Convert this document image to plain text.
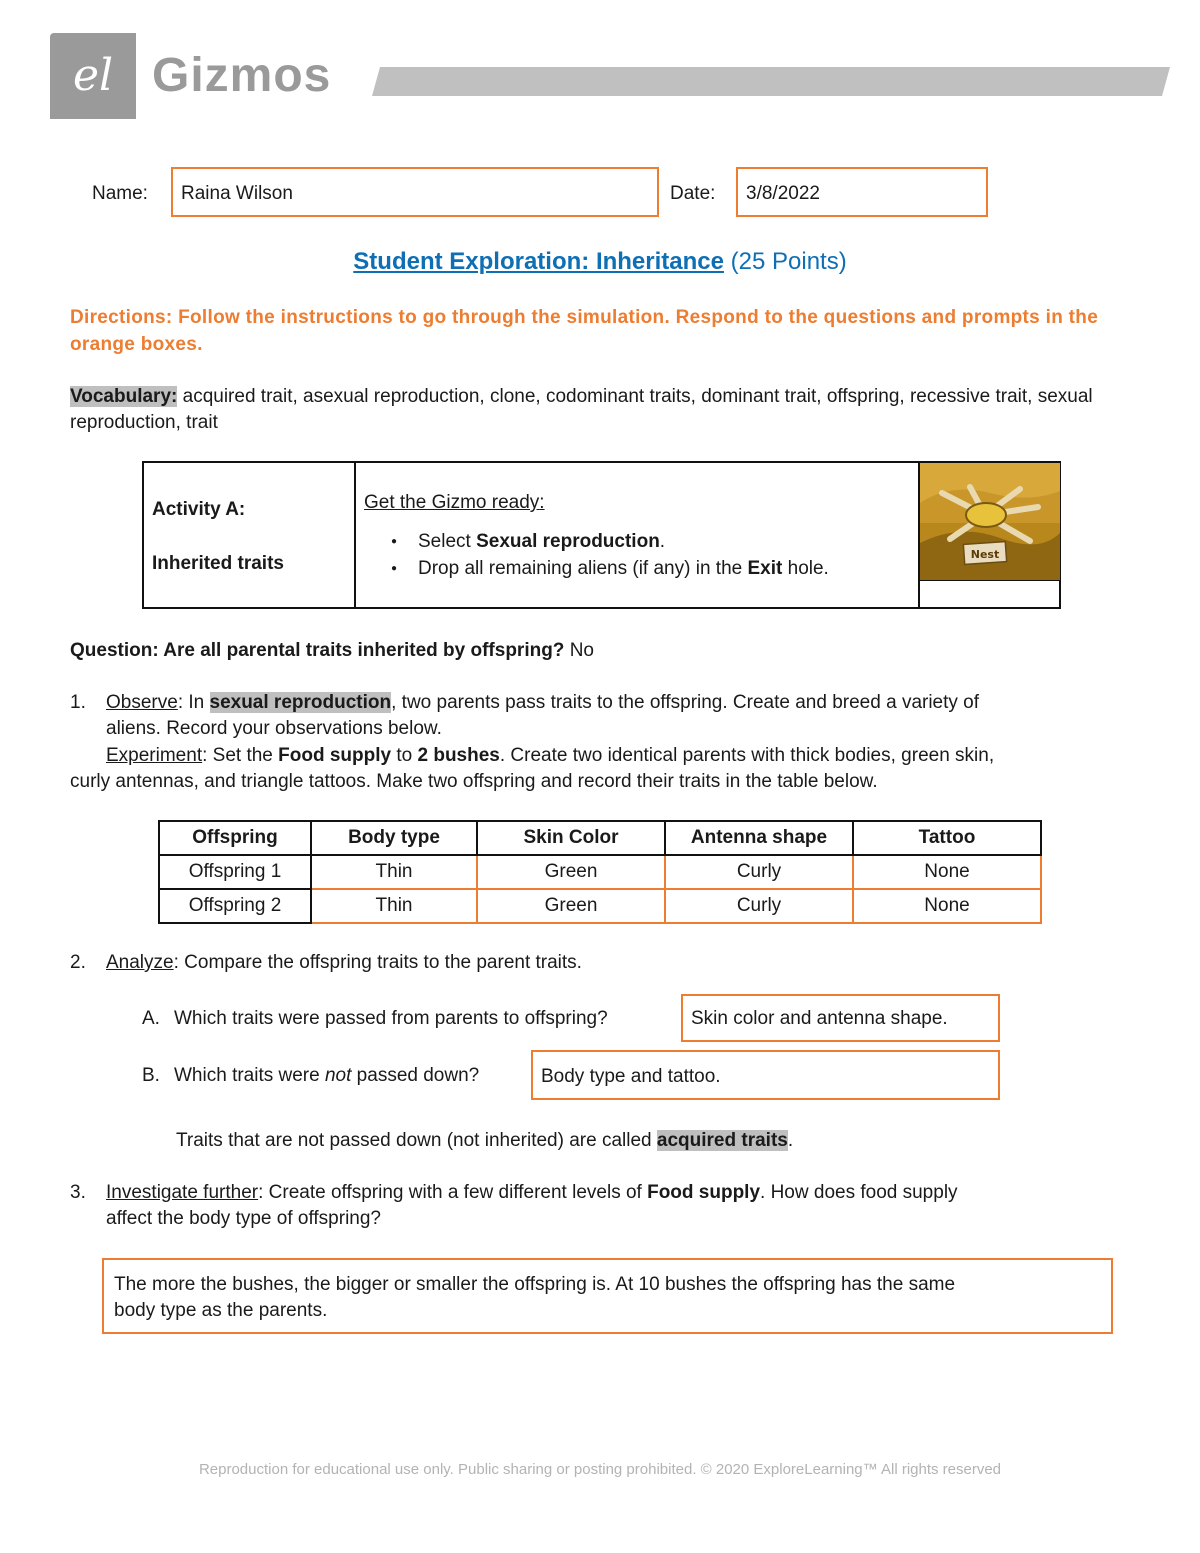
el Gizmos
Name:	Raina Wilson	Date:	3/8/2022
Student Exploration: Inheritance (25 Points)
Directions: Follow the instructions to go through the simulation. Respond to the questions and prompts in the orange boxes.
Vocabulary: acquired trait, asexual reproduction, clone, codominant traits, dominant trait, offspring, recessive trait, sexual reproduction, trait
Activity A:
Inherited traits
Get the Gizmo ready:
● Select Sexual reproduction.
● Drop all remaining aliens (if any) in the Exit hole.
Nest
Question: Are all parental traits inherited by offspring? No
1. Observe: In sexual reproduction, two parents pass traits to the offspring. Create and breed a variety of
aliens. Record your observations below.
Experiment: Set the Food supply to 2 bushes. Create two identical parents with thick bodies, green skin,
curly antennas, and triangle tattoos. Make two offspring and record their traits in the table below.
Offspring	Body type	Skin Color	Antenna shape	Tattoo
Offspring 1	Thin	Green	Curly	None
Offspring 2	Thin	Green	Curly	None
2. Analyze: Compare the offspring traits to the parent traits.
A. Which traits were passed from parents to offspring?	Skin color and antenna shape.
B. Which traits were not passed down?	Body type and tattoo.
Traits that are not passed down (not inherited) are called acquired traits.
3. Investigate further: Create offspring with a few different levels of Food supply. How does food supply
affect the body type of offspring?
The more the bushes, the bigger or smaller the offspring is. At 10 bushes the offspring has the same
body type as the parents.
Reproduction for educational use only. Public sharing or posting prohibited. © 2020 ExploreLearning™ All rights reserved
